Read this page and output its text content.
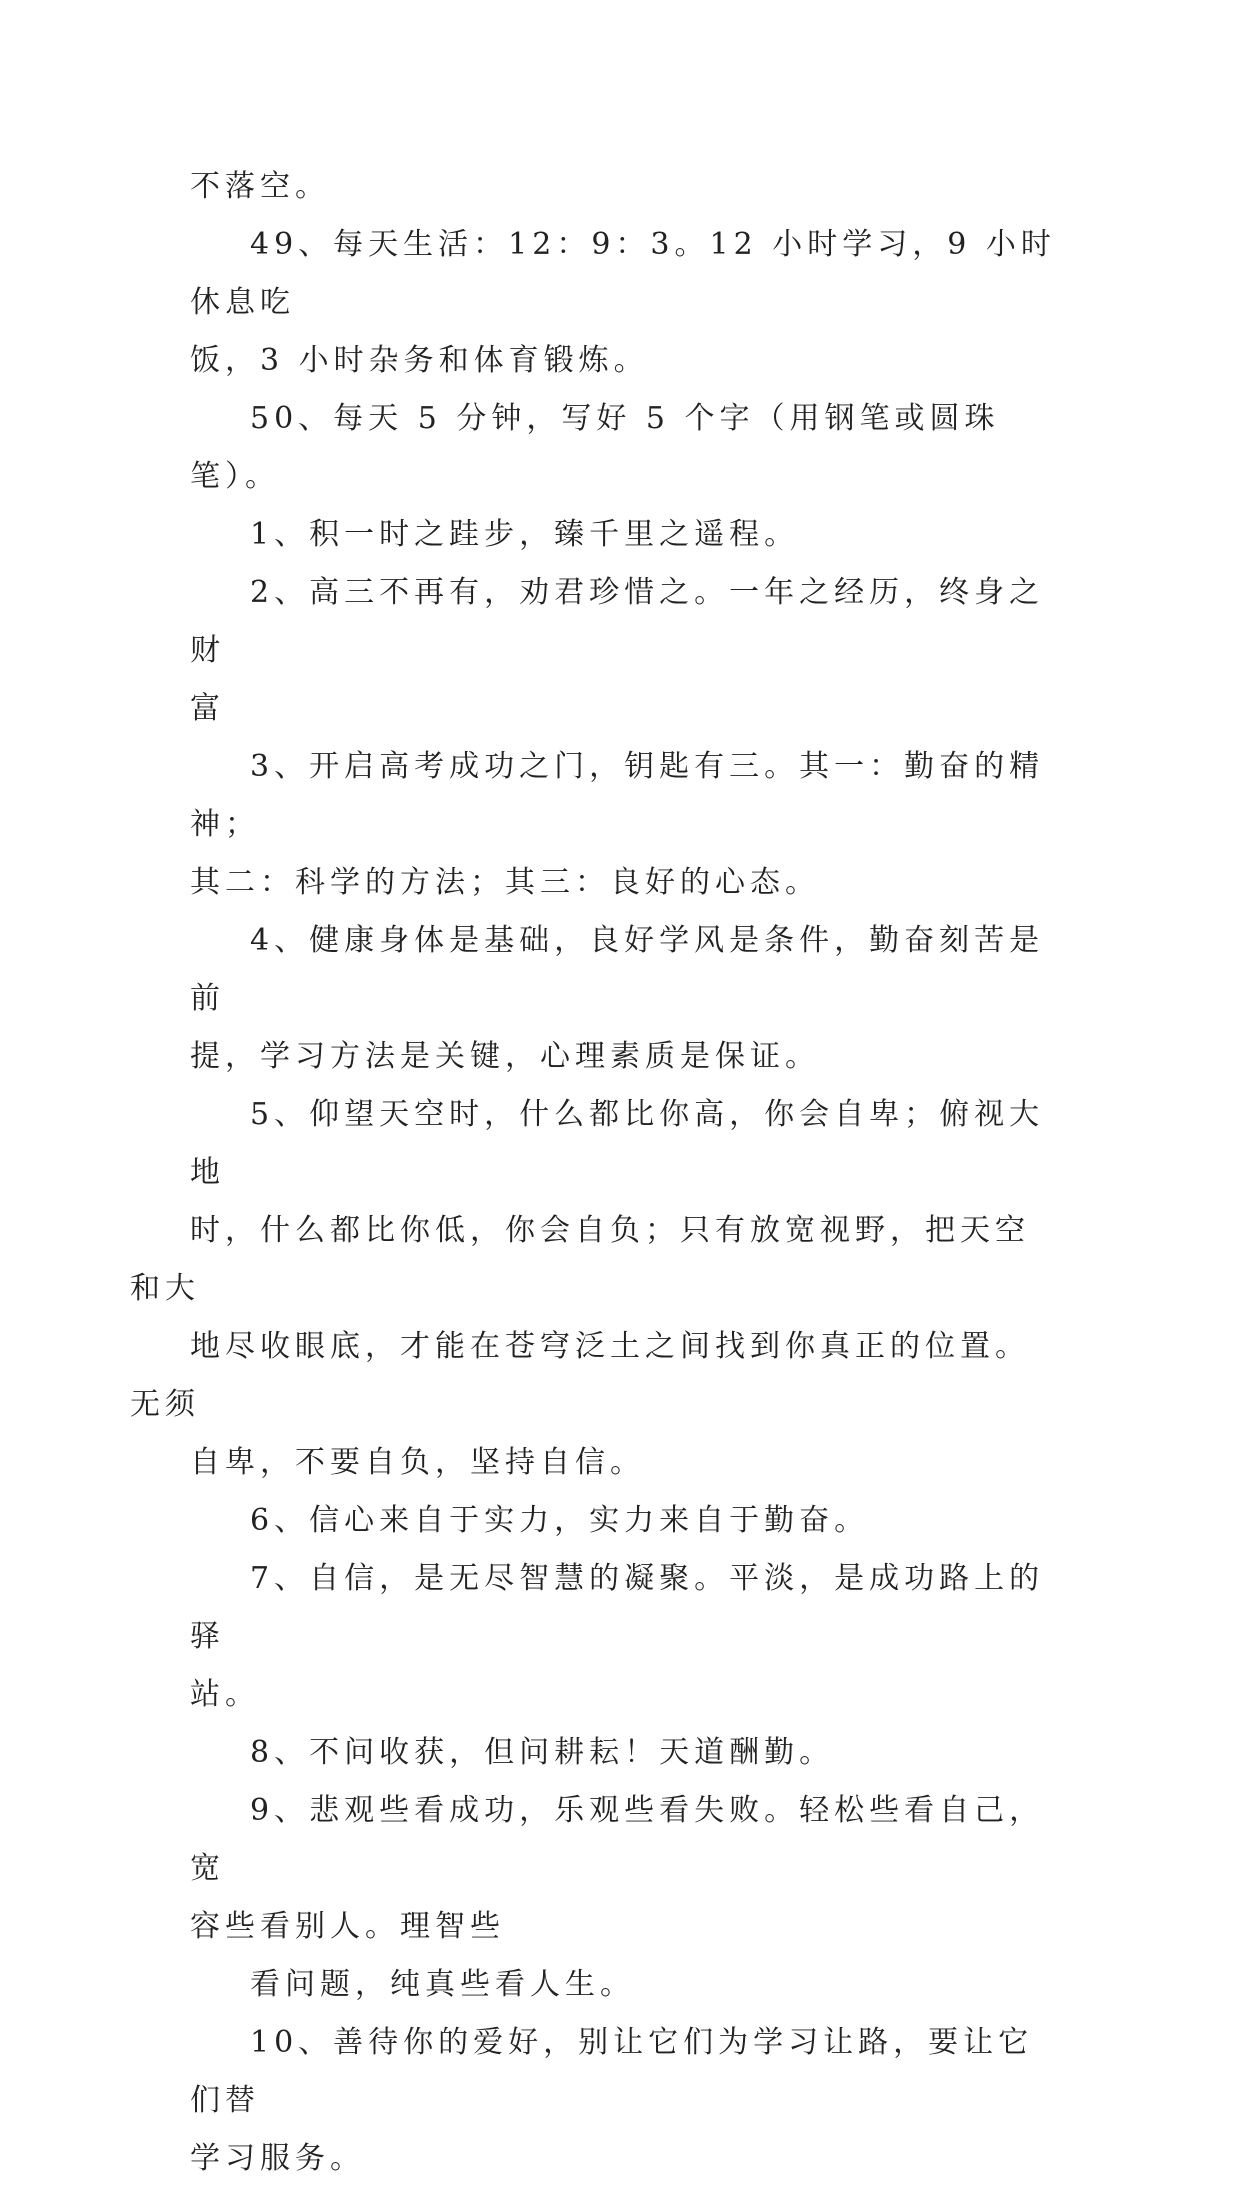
不落空。

49、每天生活：12：9：3。12 小时学习，9 小时休息吃
饭，3 小时杂务和体育锻炼。

50、每天 5 分钟，写好 5 个字（用钢笔或圆珠笔）。

1、积一时之跬步，臻千里之遥程。

2、高三不再有，劝君珍惜之。一年之经历，终身之财
富

3、开启高考成功之门，钥匙有三。其一：勤奋的精神；
其二：科学的方法；其三：良好的心态。

4、健康身体是基础，良好学风是条件，勤奋刻苦是前
提，学习方法是关键，心理素质是保证。

5、仰望天空时，什么都比你高，你会自卑；俯视大地
时，什么都比你低，你会自负；只有放宽视野，把天空和大
地尽收眼底，才能在苍穹泛土之间找到你真正的位置。无须
自卑，不要自负，坚持自信。

6、信心来自于实力，实力来自于勤奋。

7、自信，是无尽智慧的凝聚。平淡，是成功路上的驿
站。

8、不问收获，但问耕耘！天道酬勤。

9、悲观些看成功，乐观些看失败。轻松些看自己，宽
容些看别人。理智些

看问题，纯真些看人生。

10、善待你的爱好，别让它们为学习让路，要让它们替
学习服务。
